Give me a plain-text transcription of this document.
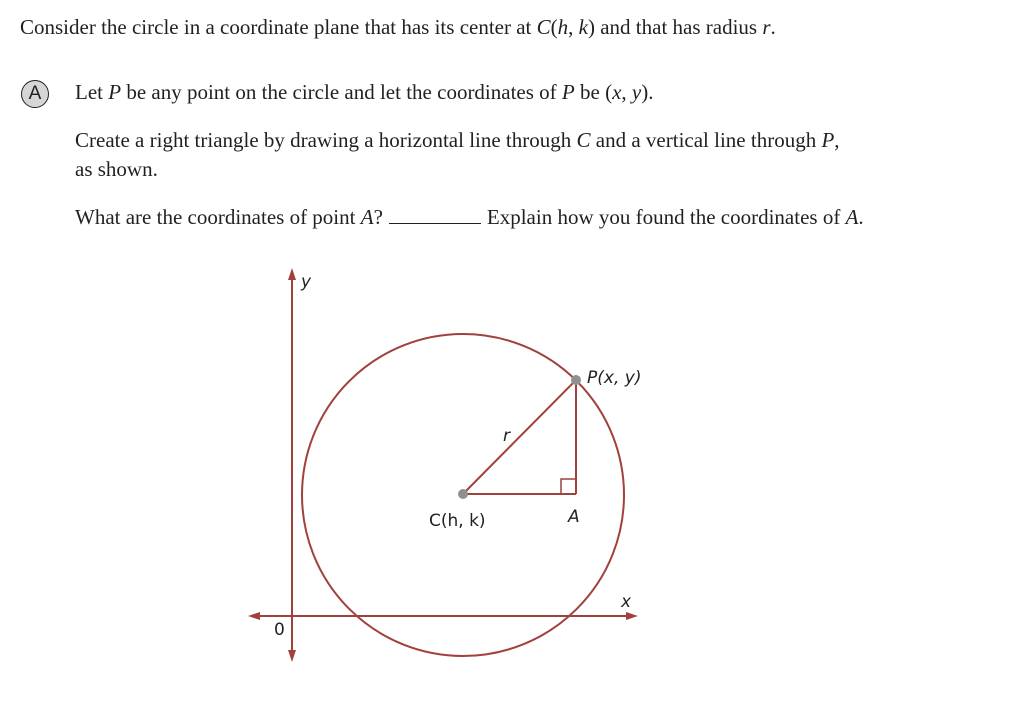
Consider the circle in a coordinate plane that has its center at C(h, k) and that has radius r.
A	Let P be any point on the circle and let the coordinates of P be (x, y).
Create a right triangle by drawing a horizontal line through C and a vertical line through P,
as shown.
What are the coordinates of point A?	Explain how you found the coordinates of A.
y
x
0
P(x, y)
r
C(h, k)	A
